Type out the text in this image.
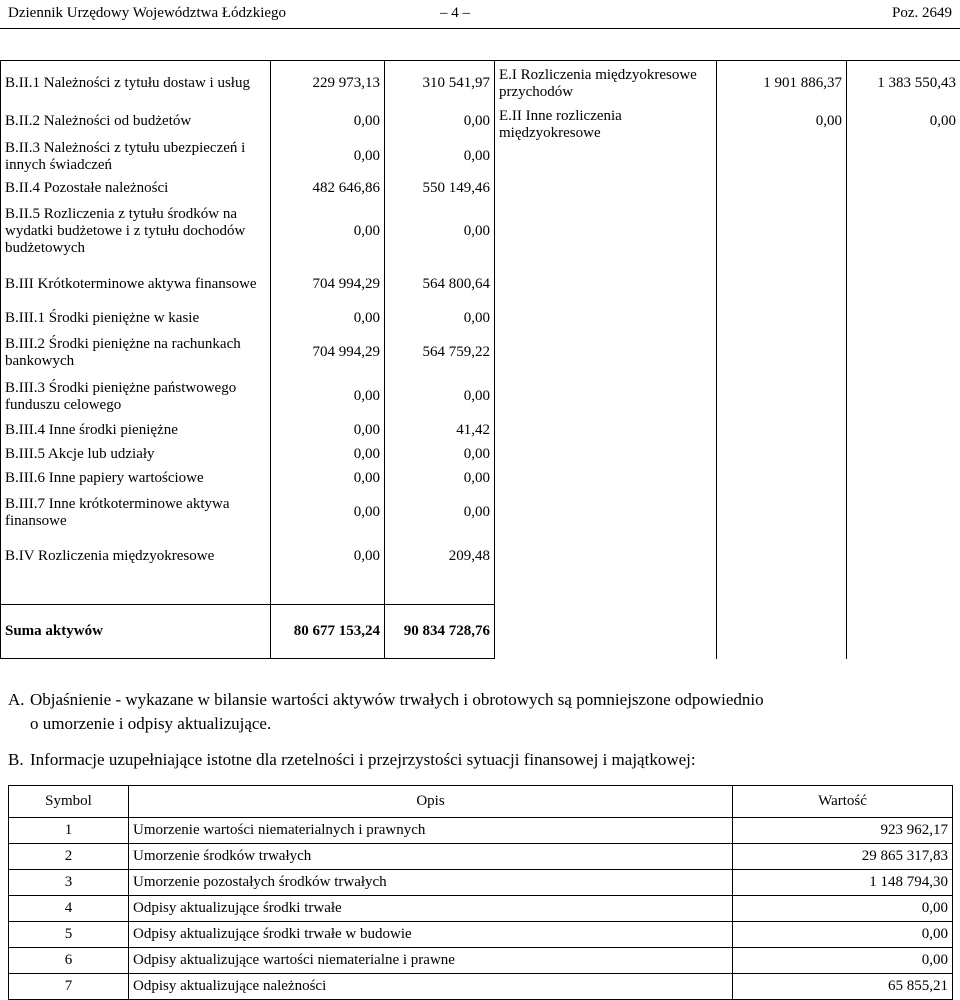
Dziennik Urzędowy Województwa Łódzkiego	– 4 –	Poz. 2649
B.II.1 Należności z tytułu dostaw i usług	229 973,13	310 541,97	E.I Rozliczenia międzyokresowe przychodów	1 901 886,37	1 383 550,43	
B.II.2 Należności od budżetów	0,00	0,00	E.II Inne rozliczenia międzyokresowe	0,00	0,00	
B.II.3 Należności z tytułu ubezpieczeń i innych świadczeń	0,00	0,00				
B.II.4 Pozostałe należności	482 646,86	550 149,46				
B.II.5 Rozliczenia z tytułu środków na wydatki budżetowe i z tytułu dochodów budżetowych	0,00	0,00				
B.III Krótkoterminowe aktywa finansowe	704 994,29	564 800,64				
B.III.1 Środki pieniężne w kasie	0,00	0,00				
B.III.2 Środki pieniężne na rachunkach bankowych	704 994,29	564 759,22				
B.III.3 Środki pieniężne państwowego funduszu celowego	0,00	0,00				
B.III.4 Inne środki pieniężne	0,00	41,42				
B.III.5 Akcje lub udziały	0,00	0,00				
B.III.6 Inne papiery wartościowe	0,00	0,00				
B.III.7 Inne krótkoterminowe aktywa finansowe	0,00	0,00				
B.IV Rozliczenia międzyokresowe	0,00	209,48				

Suma aktywów	80 677 153,24	90 834 728,76			
A. Objaśnienie - wykazane w bilansie wartości aktywów trwałych i obrotowych są pomniejszone odpowiednio
o umorzenie i odpisy aktualizujące.
B. Informacje uzupełniające istotne dla rzetelności i przejrzystości sytuacji finansowej i majątkowej:
Symbol	Opis	Wartość
1	Umorzenie wartości niematerialnych i prawnych	923 962,17
2	Umorzenie środków trwałych	29 865 317,83
3	Umorzenie pozostałych środków trwałych	1 148 794,30
4	Odpisy aktualizujące środki trwałe	0,00
5	Odpisy aktualizujące środki trwałe w budowie	0,00
6	Odpisy aktualizujące wartości niematerialne i prawne	0,00
7	Odpisy aktualizujące należności	65 855,21
